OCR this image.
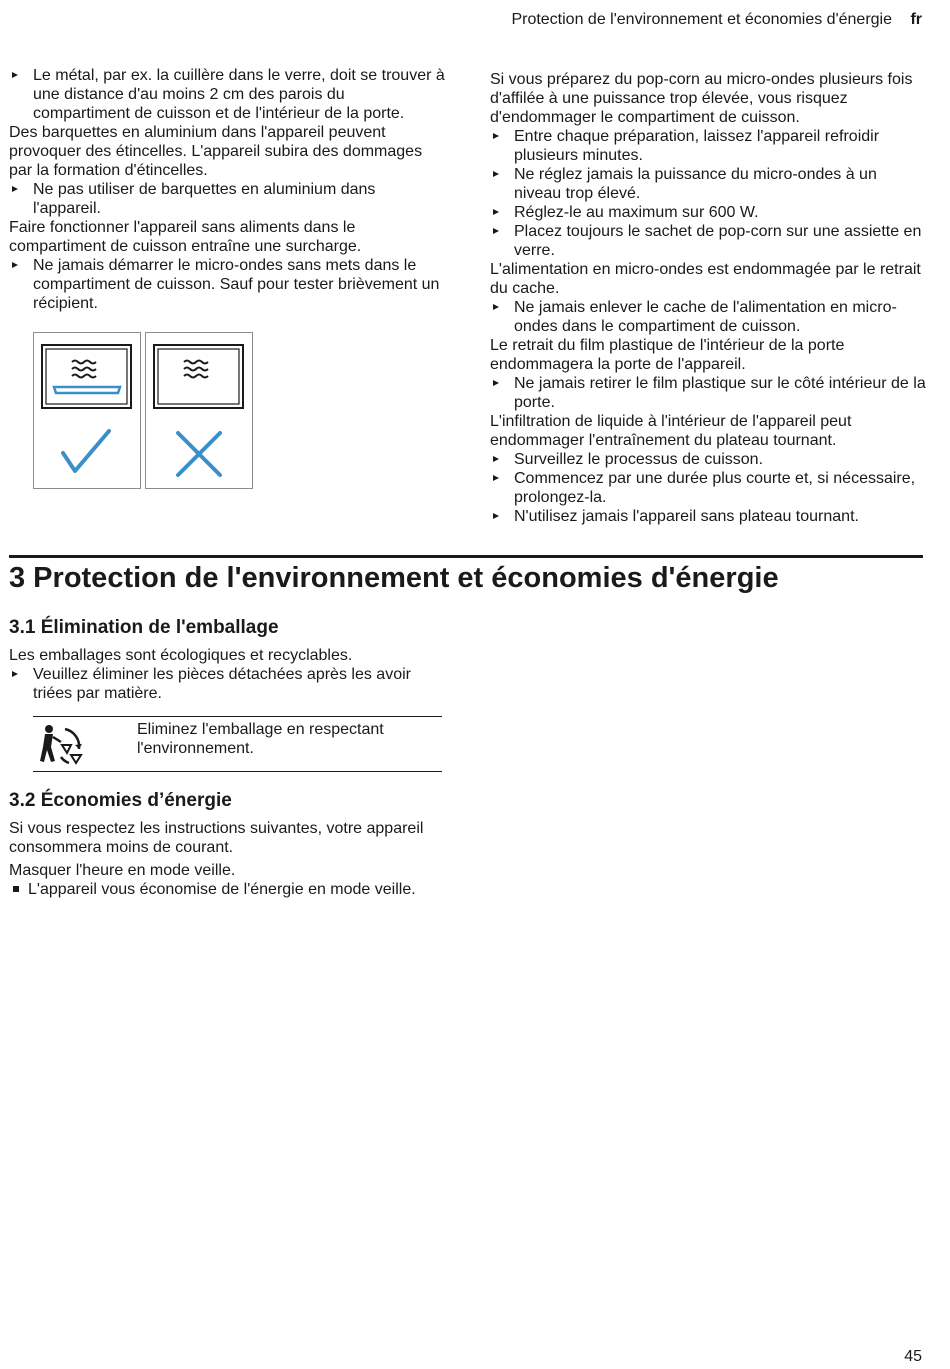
Protection de l'environnement et économies d'énergie fr

Le métal, par ex. la cuillère dans le verre, doit se trouver à une distance d'au moins 2 cm des parois du compartiment de cuisson et de l'intérieur de la porte.

Des barquettes en aluminium dans l'appareil peuvent provoquer des étincelles. L'appareil subira des dommages par la formation d'étincelles.

Ne pas utiliser de barquettes en aluminium dans l'appareil.

Faire fonctionner l'appareil sans aliments dans le compartiment de cuisson entraîne une surcharge.

Ne jamais démarrer le micro-ondes sans mets dans le compartiment de cuisson. Sauf pour tester brièvement un récipient.

Si vous préparez du pop-corn au micro-ondes plusieurs fois d'affilée à une puissance trop élevée, vous risquez d'endommager le compartiment de cuisson.

Entre chaque préparation, laissez l'appareil refroidir plusieurs minutes.

Ne réglez jamais la puissance du micro-ondes à un niveau trop élevé.

Réglez-le au maximum sur 600 W.

Placez toujours le sachet de pop-corn sur une assiette en verre.

L'alimentation en micro-ondes est endommagée par le retrait du cache.

Ne jamais enlever le cache de l'alimentation en micro-ondes dans le compartiment de cuisson.

Le retrait du film plastique de l'intérieur de la porte endommagera la porte de l'appareil.

Ne jamais retirer le film plastique sur le côté intérieur de la porte.

L'infiltration de liquide à l'intérieur de l'appareil peut endommager l'entraînement du plateau tournant.

Surveillez le processus de cuisson.

Commencez par une durée plus courte et, si nécessaire, prolongez-la.

N'utilisez jamais l'appareil sans plateau tournant.

3 Protection de l'environnement et économies d'énergie
3.1 Élimination de l'emballage

Les emballages sont écologiques et recyclables.

Veuillez éliminer les pièces détachées après les avoir triées par matière.

Eliminez l'emballage en respectant l'environnement.
3.2 Économies d’énergie

Si vous respectez les instructions suivantes, votre appareil consommera moins de courant.

Masquer l'heure en mode veille.

L'appareil vous économise de l'énergie en mode veille.

45
